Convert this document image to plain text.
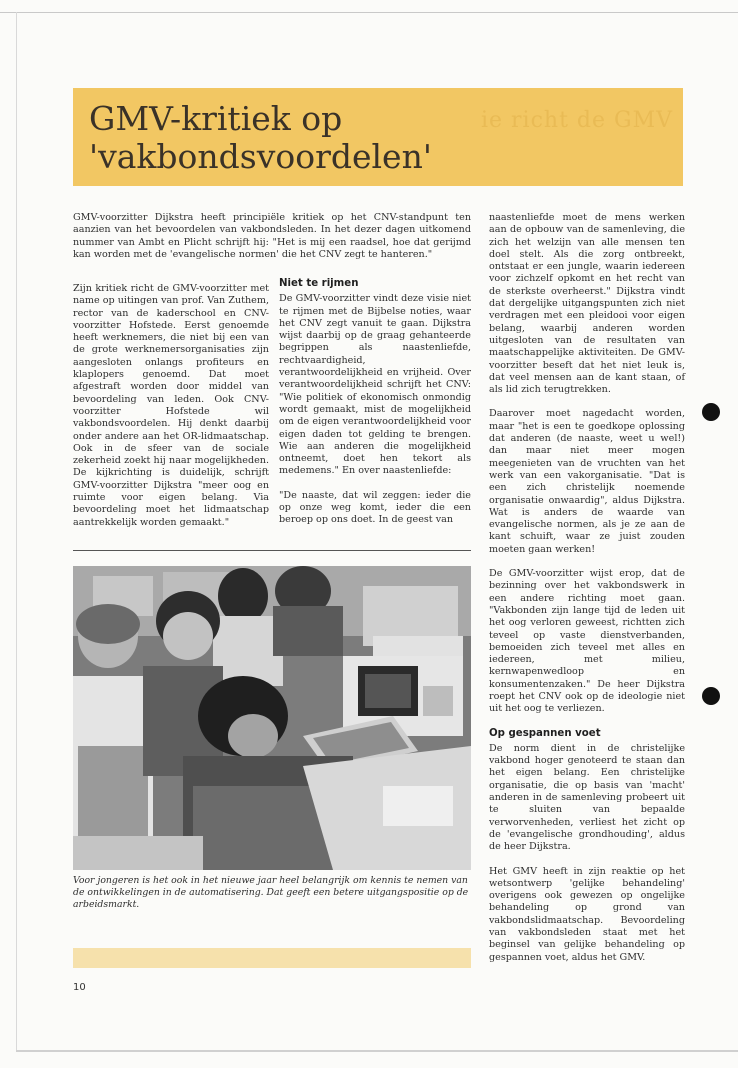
ie richt de GMV
GMV-kritiek op
'vakbondsvoordelen'

GMV-voorzitter Dijkstra heeft principiële kritiek op het CNV-standpunt ten aanzien van het bevoordelen van vakbondsleden. In het dezer dagen uitkomend nummer van Ambt en Plicht schrijft hij: "Het is mij een raadsel, hoe dat gerijmd kan worden met de 'evangelische normen' die het CNV zegt te hanteren."

Zijn kritiek richt de GMV-voorzitter met name op uitingen van prof. Van Zuthem, rector van de kaderschool en CNV-voorzitter Hofstede. Eerst genoemde heeft werknemers, die niet bij een van de grote werknemersorganisaties zijn aangesloten onlangs profiteurs en klaplopers genoemd. Dat moet afgestraft worden door middel van bevoordeling van leden. Ook CNV-voorzitter Hofstede wil vakbondsvoordelen. Hij denkt daarbij onder andere aan het OR-lidmaatschap. Ook in de sfeer van de sociale zekerheid zoekt hij naar mogelijkheden. De kijkrichting is duidelijk, schrijft GMV-voorzitter Dijkstra "meer oog en ruimte voor eigen belang. Via bevoordeling moet het lidmaatschap aantrekkelijk worden gemaakt."

Niet te rijmen

De GMV-voorzitter vindt deze visie niet te rijmen met de Bijbelse noties, waar het CNV zegt vanuit te gaan. Dijkstra wijst daarbij op de graag gehanteerde begrippen als naastenliefde, rechtvaardigheid, verantwoordelijkheid en vrijheid. Over verantwoordelijkheid schrijft het CNV: "Wie politiek of ekonomisch onmondig wordt gemaakt, mist de mogelijkheid om de eigen verantwoordelijkheid voor eigen daden tot gelding te brengen. Wie aan anderen die mogelijkheid ontneemt, doet hen tekort als medemens." En over naastenliefde:

"De naaste, dat wil zeggen: ieder die op onze weg komt, ieder die een beroep op ons doet. In de geest van

naastenliefde moet de mens werken aan de opbouw van de samenleving, die zich het welzijn van alle mensen ten doel stelt. Als die zorg ontbreekt, ontstaat er een jungle, waarin iedereen voor zichzelf opkomt en het recht van de sterkste overheerst." Dijkstra vindt dat dergelijke uitgangspunten zich niet verdragen met een pleidooi voor eigen belang, waarbij anderen worden uitgesloten van de resultaten van maatschappelijke aktiviteiten. De GMV-voorzitter beseft dat het niet leuk is, dat veel mensen aan de kant staan, of als lid zich terugtrekken.

Daarover moet nagedacht worden, maar "het is een te goedkope oplossing dat anderen (de naaste, weet u wel!) dan maar niet meer mogen meegenieten van de vruchten van het werk van een vakorganisatie. "Dat is een zich christelijk noemende organisatie onwaardig", aldus Dijkstra. Wat is anders de waarde van evangelische normen, als je ze aan de kant schuift, waar ze juist zouden moeten gaan werken!

De GMV-voorzitter wijst erop, dat de bezinning over het vakbondswerk in een andere richting moet gaan. "Vakbonden zijn lange tijd de leden uit het oog verloren geweest, richtten zich teveel op vaste dienstverbanden, bemoeiden zich teveel met alles en iedereen, met milieu, kernwapenwedloop en konsumentenzaken." De heer Dijkstra roept het CNV ook op de ideologie niet uit het oog te verliezen.

Op gespannen voet

De norm dient in de christelijke vakbond hoger genoteerd te staan dan het eigen belang. Een christelijke organisatie, die op basis van 'macht' anderen in de samenleving probeert uit te sluiten van bepaalde verworvenheden, verliest het zicht op de 'evangelische grondhouding', aldus de heer Dijkstra.

Het GMV heeft in zijn reaktie op het wetsontwerp 'gelijke behandeling' overigens ook gewezen op ongelijke behandeling op grond van vakbondslidmaatschap. Bevoordeling van vakbondsleden staat met het beginsel van gelijke behandeling op gespannen voet, aldus het GMV.

Voor jongeren is het ook in het nieuwe jaar heel belangrijk om kennis te nemen van de ontwikkelingen in de automatisering. Dat geeft een betere uitgangspositie op de arbeidsmarkt.

10
